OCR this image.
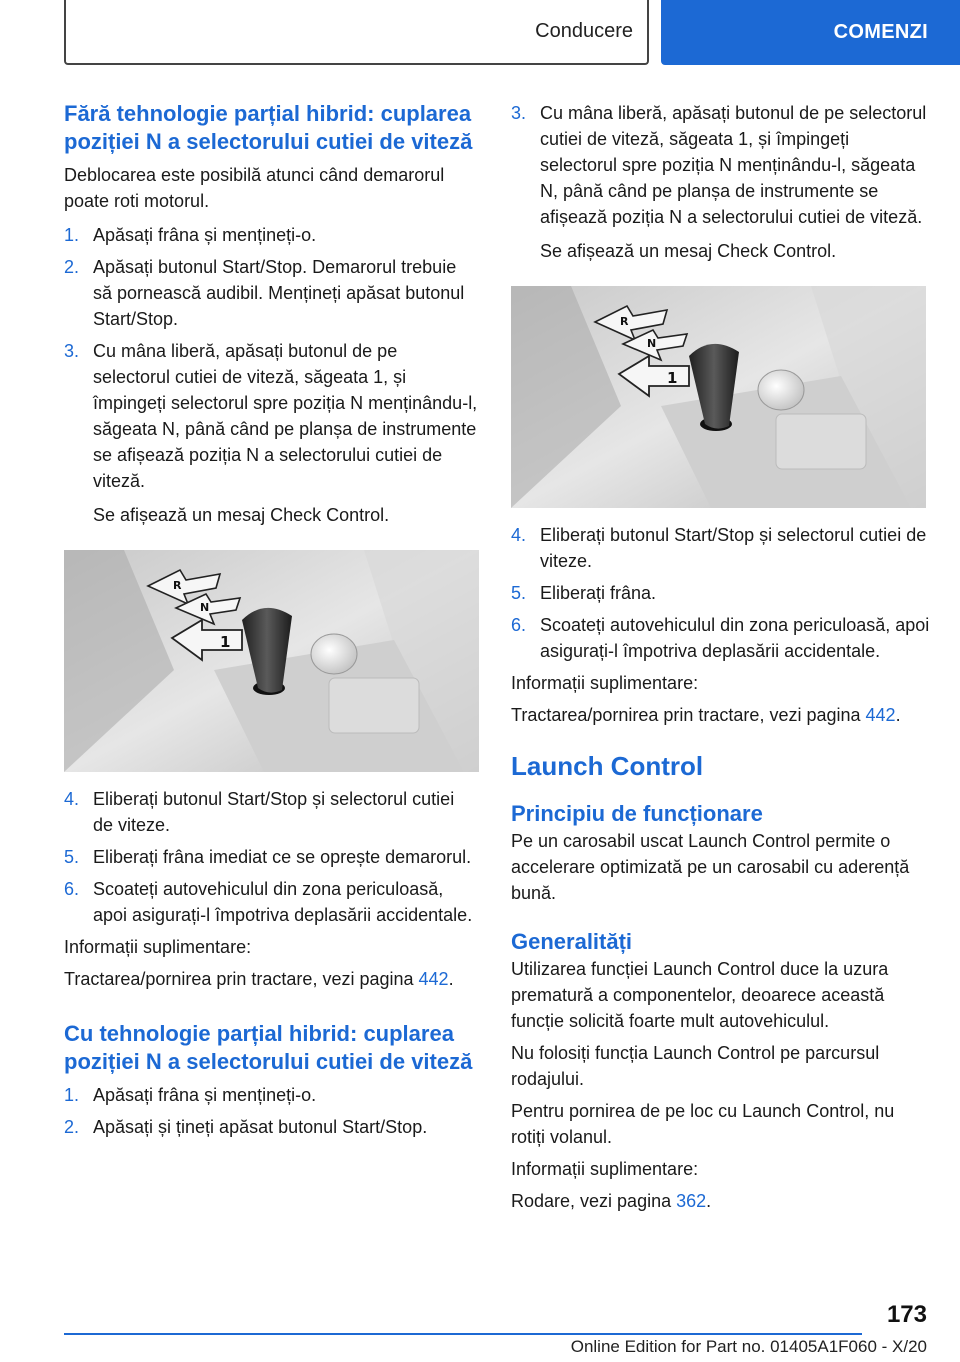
Conducere	COMENZI
Fără tehnologie parțial hibrid: cuplarea poziției N a selectorului cutiei de viteză
Deblocarea este posibilă atunci când demarorul poate roti motorul.
1. Apăsați frâna și mențineți-o.
2. Apăsați butonul Start/Stop. Demarorul trebuie să pornească audibil. Mențineți apăsat butonul Start/Stop.
3. Cu mâna liberă, apăsați butonul de pe selectorul cutiei de viteză, săgeata 1, și împingeți selectorul spre poziția N menținându-l, săgeata N, până când pe planșa de instrumente se afișează poziția N a selectorului cutiei de viteză.
Se afișează un mesaj Check Control.
R
N
1
4. Eliberați butonul Start/Stop și selectorul cutiei de viteze.
5. Eliberați frâna imediat ce se oprește demarorul.
6. Scoateți autovehiculul din zona periculoasă, apoi asigurați-l împotriva deplasării accidentale.
Informații suplimentare:
Tractarea/pornirea prin tractare, vezi pagina 442.
Cu tehnologie parțial hibrid: cuplarea poziției N a selectorului cutiei de viteză
1. Apăsați frâna și mențineți-o.
2. Apăsați și țineți apăsat butonul Start/Stop.
3. Cu mâna liberă, apăsați butonul de pe selectorul cutiei de viteză, săgeata 1, și împingeți selectorul spre poziția N menținându-l, săgeata N, până când pe planșa de instrumente se afișează poziția N a selectorului cutiei de viteză.
Se afișează un mesaj Check Control.
R
N
1
4. Eliberați butonul Start/Stop și selectorul cutiei de viteze.
5. Eliberați frâna.
6. Scoateți autovehiculul din zona periculoasă, apoi asigurați-l împotriva deplasării accidentale.
Informații suplimentare:
Tractarea/pornirea prin tractare, vezi pagina 442.
Launch Control
Principiu de funcționare
Pe un carosabil uscat Launch Control permite o accelerare optimizată pe un carosabil cu aderență bună.
Generalități
Utilizarea funcției Launch Control duce la uzura prematură a componentelor, deoarece această funcție solicită foarte mult autovehiculul.
Nu folosiți funcția Launch Control pe parcursul rodajului.
Pentru pornirea de pe loc cu Launch Control, nu rotiți volanul.
Informații suplimentare:
Rodare, vezi pagina 362.
173
Online Edition for Part no. 01405A1F060 - X/20
